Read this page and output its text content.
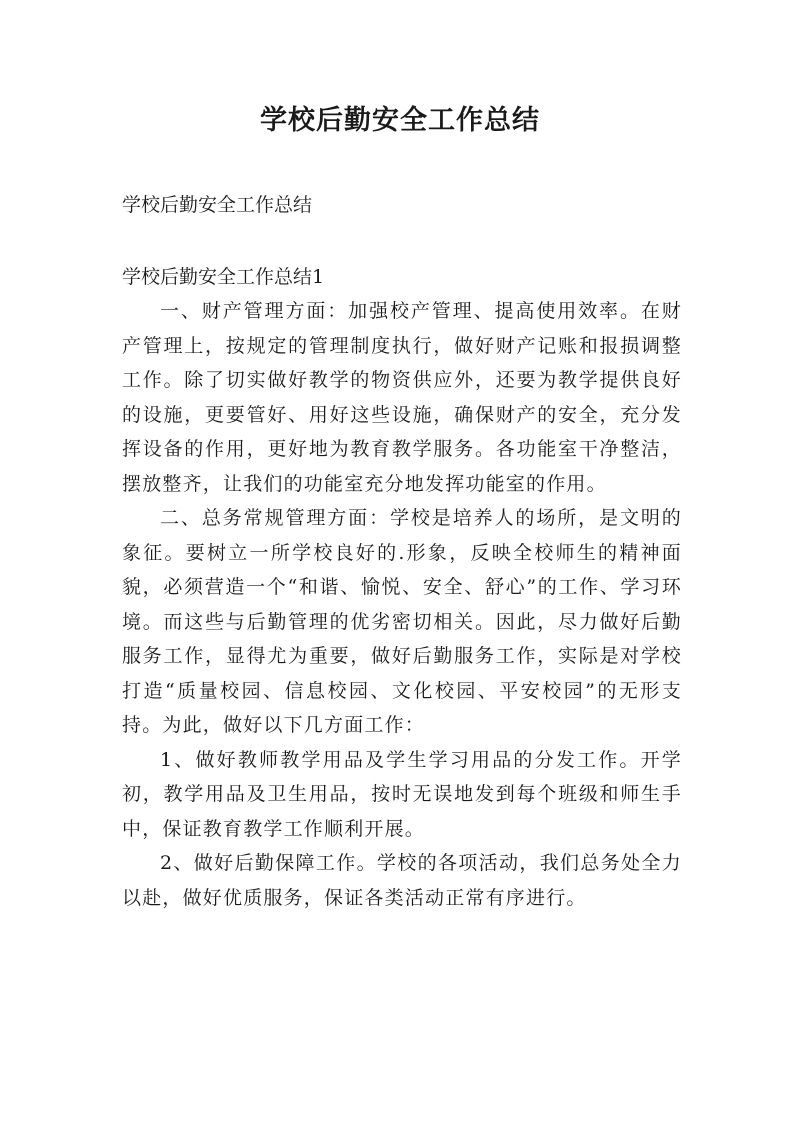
学校后勤安全工作总结

学校后勤安全工作总结

学校后勤安全工作总结1

一、财产管理方面：加强校产管理、提高使用效率。在财产管理上，按规定的管理制度执行，做好财产记账和报损调整工作。除了切实做好教学的物资供应外，还要为教学提供良好的设施，更要管好、用好这些设施，确保财产的安全，充分发挥设备的作用，更好地为教育教学服务。各功能室干净整洁，摆放整齐，让我们的功能室充分地发挥功能室的作用。

二、总务常规管理方面：学校是培养人的场所，是文明的象征。要树立一所学校良好的.形象，反映全校师生的精神面貌，必须营造一个“和谐、愉悦、安全、舒心”的工作、学习环境。而这些与后勤管理的优劣密切相关。因此，尽力做好后勤服务工作，显得尤为重要，做好后勤服务工作，实际是对学校打造“质量校园、信息校园、文化校园、平安校园”的无形支持。为此，做好以下几方面工作：

1、做好教师教学用品及学生学习用品的分发工作。开学初，教学用品及卫生用品，按时无误地发到每个班级和师生手中，保证教育教学工作顺利开展。

2、做好后勤保障工作。学校的各项活动，我们总务处全力以赴，做好优质服务，保证各类活动正常有序进行。
